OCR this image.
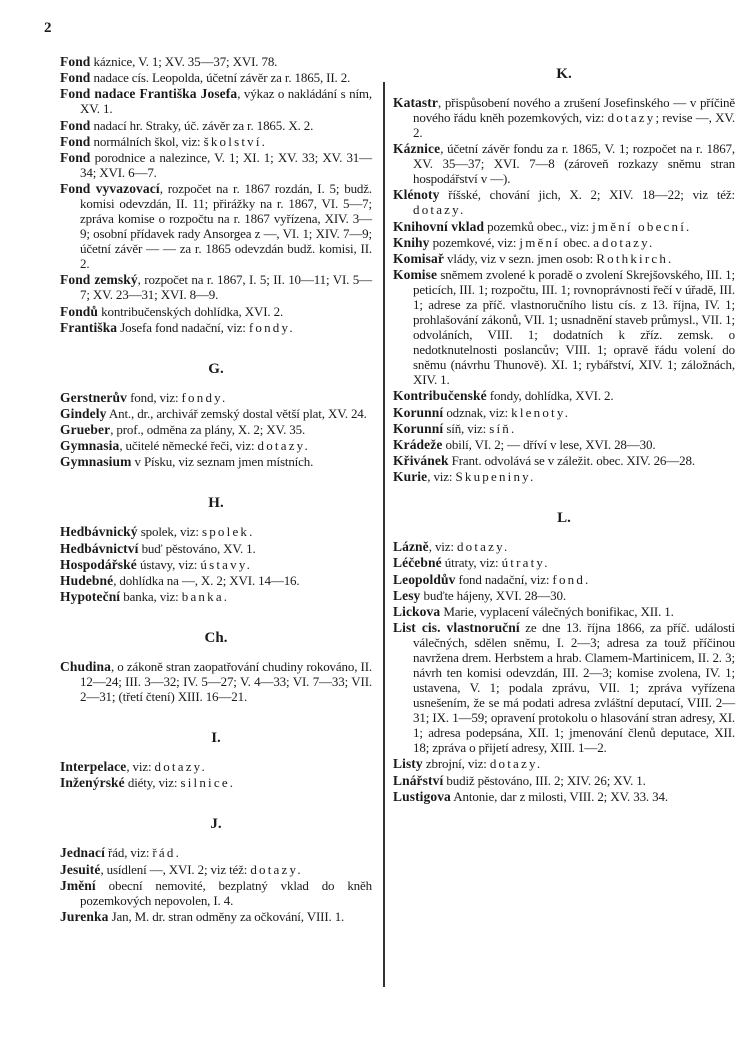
2
Fond káznice, V. 1; XV. 35—37; XVI. 78.
Fond nadace cís. Leopolda, účetní závěr za r. 1865, II. 2.
Fond nadace Františka Josefa, výkaz o nakládání s ním, XV. 1.
Fond nadací hr. Straky, úč. závěr za r. 1865. X. 2.
Fond normálních škol, viz: školství.
Fond porodnice a nalezince, V. 1; XI. 1; XV. 33; XV. 31—34; XVI. 6—7.
Fond vyvazovací, rozpočet na r. 1867 rozdán, I. 5; budž. komisi odevzdán, II. 11; přirážky na r. 1867, VI. 5—7; zpráva komise o rozpočtu na r. 1867 vyřízena, XIV. 3—9; osobní přídavek rady Ansorgea z —, VI. 1; XIV. 7—9; účetní závěr — — za r. 1865 odevzdán budž. komisi, II. 2.
Fond zemský, rozpočet na r. 1867, I. 5; II. 10—11; VI. 5—7; XV. 23—31; XVI. 8—9.
Fondů kontribučenských dohlídka, XVI. 2.
Františka Josefa fond nadační, viz: fondy.
G.
Gerstnerův fond, viz: fondy.
Gindely Ant., dr., archivář zemský dostal větší plat, XV. 24.
Grueber, prof., odměna za plány, X. 2; XV. 35.
Gymnasia, učitelé německé řeči, viz: dotazy.
Gymnasium v Písku, viz seznam jmen místních.
H.
Hedbávnický spolek, viz: spolek.
Hedbávnictví buď pěstováno, XV. 1.
Hospodářské ústavy, viz: ústavy.
Hudebné, dohlídka na —, X. 2; XVI. 14—16.
Hypoteční banka, viz: banka.
Ch.
Chudina, o zákoně stran zaopatřování chudiny rokováno, II. 12—24; III. 3—32; IV. 5—27; V. 4—33; VI. 7—33; VII. 2—31; (třetí čtení) XIII. 16—21.
I.
Interpelace, viz: dotazy.
Inženýrské diéty, viz: silnice.
J.
Jednací řád, viz: řád.
Jesuité, usídlení —, XVI. 2; viz též: dotazy.
Jmění obecní nemovité, bezplatný vklad do kněh pozemkových nepovolen, I. 4.
Jurenka Jan, M. dr. stran odměny za očkování, VIII. 1.
K.
Katastr, přispůsobení nového a zrušení Josefinského — v příčině nového řádu kněh pozemkových, viz: dotazy; revise —, XV. 2.
Káznice, účetní závěr fondu za r. 1865, V. 1; rozpočet na r. 1867, XV. 35—37; XVI. 7—8 (zároveň rozkazy sněmu stran hospodářství v —).
Klénoty říšské, chování jich, X. 2; XIV. 18—22; viz též: dotazy.
Knihovní vklad pozemků obec., viz: jmění obecní.
Knihy pozemkové, viz: jmění obec. a dotazy.
Komisař vlády, viz v sezn. jmen osob: Rothkirch.
Komise sněmem zvolené k poradě o zvolení Skrejšovského, III. 1; peticích, III. 1; rozpočtu, III. 1; rovnoprávnosti řečí v úřadě, III. 1; adrese za příč. vlastnoručního listu cís. z 13. října, IV. 1; prohlašování zákonů, VII. 1; usnadnění staveb průmysl., VII. 1; odvoláních, VIII. 1; dodatních k zříz. zemsk. o nedotknutelnosti poslancův; VIII. 1; opravě řádu volení do sněmu (návrhu Thunově). XI. 1; rybářství, XIV. 1; záložnách, XIV. 1.
Kontribučenské fondy, dohlídka, XVI. 2.
Korunní odznak, viz: klenoty.
Korunní síň, viz: síň.
Krádeže obilí, VI. 2; — dříví v lese, XVI. 28—30.
Křivánek Frant. odvolává se v záležit. obec. XIV. 26—28.
Kurie, viz: Skupeniny.
L.
Lázně, viz: dotazy.
Léčebné útraty, viz: útraty.
Leopoldův fond nadační, viz: fond.
Lesy buďte hájeny, XVI. 28—30.
Lickova Marie, vyplacení válečných bonifikac, XII. 1.
List cis. vlastnoruční ze dne 13. října 1866, za příč. události válečných, sdělen sněmu, I. 2—3; adresa za touž příčinou navržena drem. Herbstem a hrab. Clamem-Martinicem, II. 2. 3; návrh ten komisi odevzdán, III. 2—3; komise zvolena, IV. 1; ustavena, V. 1; podala zprávu, VII. 1; zpráva vyřízena usnešením, že se má podati adresa zvláštní deputací, VIII. 2—31; IX. 1—59; opravení protokolu o hlasování stran adresy, XI. 1; adresa podepsána, XII. 1; jmenování členů deputace, XII. 18; zpráva o přijetí adresy, XIII. 1—2.
Listy zbrojní, viz: dotazy.
Lnářství budiž pěstováno, III. 2; XIV. 26; XV. 1.
Lustigova Antonie, dar z milosti, VIII. 2; XV. 33. 34.
